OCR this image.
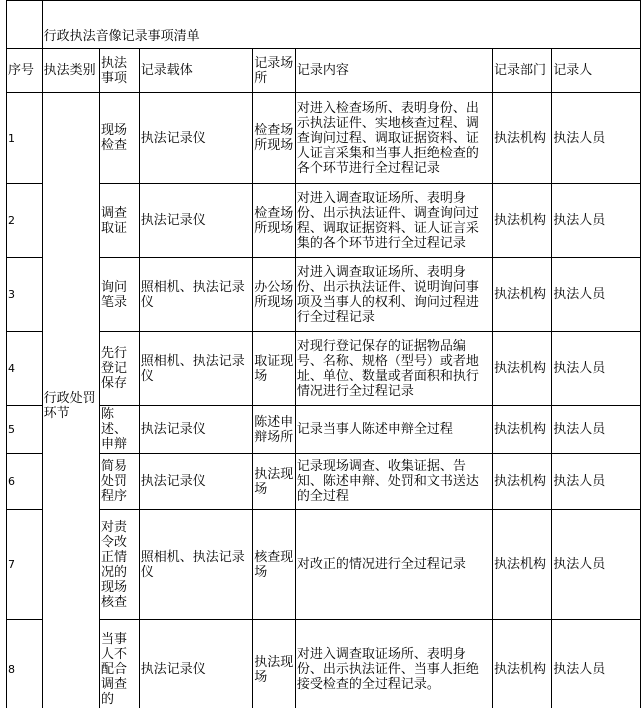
	行政执法音像记录事项清单						
序号	执法类别	执法事项	记录载体	记录场所	记录内容	记录部门	记录人
1	行政处罚环节	现场检查	执法记录仪	检查场所现场	对进入检查场所、表明身份、出示执法证件、实地核查过程、调查询问过程、调取证据资料、证人证言采集和当事人拒绝检查的各个环节进行全过程记录	执法机构	执法人员
2		调查取证	执法记录仪	检查场所现场	对进入调查取证场所、表明身份、出示执法证件、调查询问过程、调取证据资料、证人证言采集的各个环节进行全过程记录	执法机构	执法人员
3		询问笔录	照相机、执法记录仪	办公场所现场	对进入调查取证场所、表明身份、出示执法证件、说明询问事项及当事人的权利、询问过程进行全过程记录	执法机构	执法人员
4		先行登记保存	照相机、执法记录仪	取证现场	对现行登记保存的证据物品编号、名称、规格（型号）或者地址、单位、数量或者面积和执行情况进行全过程记录	执法机构	执法人员
5		陈述、申辩	执法记录仪	陈述申辩场所	记录当事人陈述申辩全过程	执法机构	执法人员
6		简易处罚程序	执法记录仪	执法现场	记录现场调查、收集证据、告知、陈述申辩、处罚和文书送达的全过程	执法机构	执法人员
7		对责令改正情况的现场核查	照相机、执法记录仪	核查现场	对改正的情况进行全过程记录	执法机构	执法人员
8		当事人不配合调查的	执法记录仪	执法现场	对进入调查取证场所、表明身份、出示执法证件、当事人拒绝接受检查的全过程记录。	执法机构	执法人员
